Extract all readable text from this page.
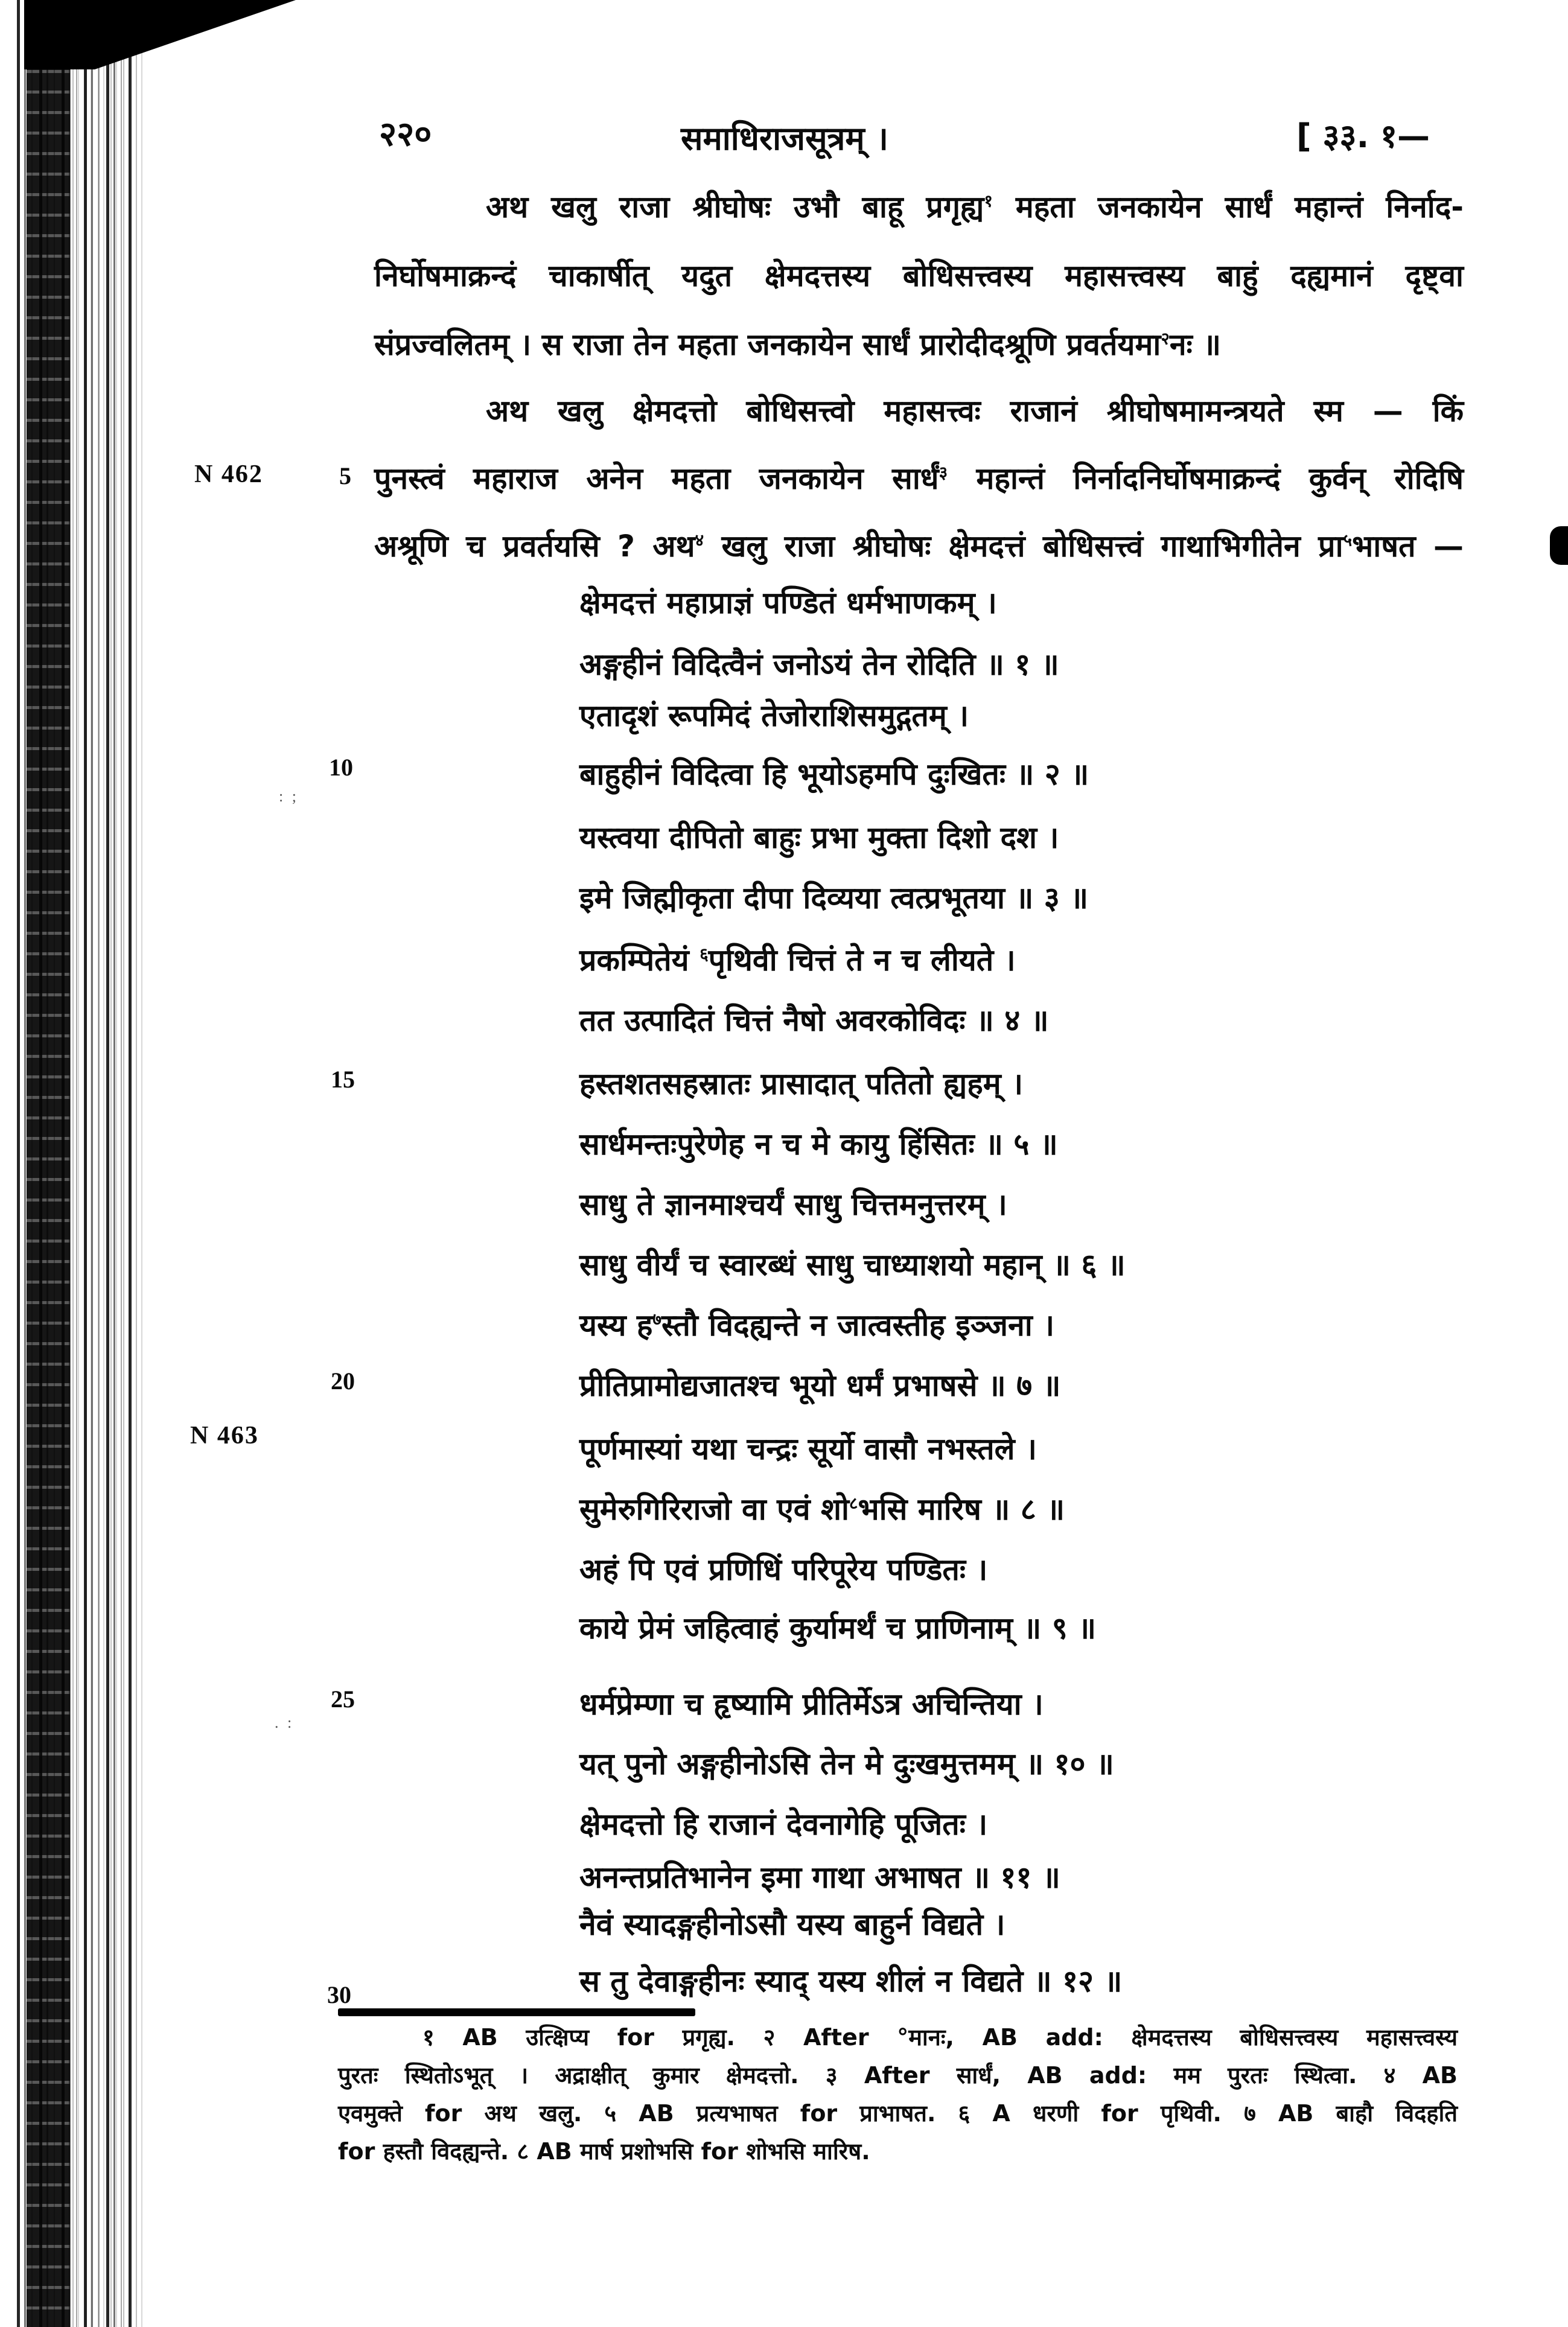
: ;
. :
२२०	समाधिराजसूत्रम् ।	[ ३३. १—
N 462
N 463
5
10
15
20
25
30
अथ खलु राजा श्रीघोषः उभौ बाहू प्रगृह्य$^१$ महता जनकायेन सार्धं महान्तं निर्नाद-
निर्घोषमाक्रन्दं चाकार्षीत् यदुत क्षेमदत्तस्य बोधिसत्त्वस्य महासत्त्वस्य बाहुं दह्यमानं दृष्ट्वा
संप्रज्वलितम् । स राजा तेन महता जनकायेन सार्धं प्रारोदीदश्रूणि प्रवर्तयमा$^२$नः ॥
अथ खलु क्षेमदत्तो बोधिसत्त्वो महासत्त्वः राजानं श्रीघोषमामन्त्रयते स्म — किं
पुनस्त्वं महाराज अनेन महता जनकायेन सार्धं$^३$ महान्तं निर्नादनिर्घोषमाक्रन्दं कुर्वन् रोदिषि
अश्रूणि च प्रवर्तयसि ? अथ$^४$ खलु राजा श्रीघोषः क्षेमदत्तं बोधिसत्त्वं गाथाभिगीतेन प्रा$^५$भाषत —
क्षेमदत्तं महाप्राज्ञं पण्डितं धर्मभाणकम् ।
अङ्गहीनं विदित्वैनं जनोऽयं तेन रोदिति ॥ १ ॥
एतादृशं रूपमिदं तेजोराशिसमुद्गतम् ।
बाहुहीनं विदित्वा हि भूयोऽहमपि दुःखितः ॥ २ ॥
यस्त्वया दीपितो बाहुः प्रभा मुक्ता दिशो दश ।
इमे जिह्मीकृता दीपा दिव्यया त्वत्प्रभूतया ॥ ३ ॥
प्रकम्पितेयं $^६$पृथिवी चित्तं ते न च लीयते ।
तत उत्पादितं चित्तं नैषो अवरकोविदः ॥ ४ ॥
हस्तशतसहस्रातः प्रासादात् पतितो ह्यहम् ।
सार्धमन्तःपुरेणेह न च मे कायु हिंसितः ॥ ५ ॥
साधु ते ज्ञानमाश्चर्यं साधु चित्तमनुत्तरम् ।
साधु वीर्यं च स्वारब्धं साधु चाध्याशयो महान् ॥ ६ ॥
यस्य ह$^७$स्तौ विदह्यन्ते न जात्वस्तीह इञ्जना ।
प्रीतिप्रामोद्यजातश्च भूयो धर्मं प्रभाषसे ॥ ७ ॥
पूर्णमास्यां यथा चन्द्रः सूर्यो वासौ नभस्तले ।
सुमेरुगिरिराजो वा एवं शो$^८$भसि मारिष ॥ ८ ॥
अहं पि एवं प्रणिधिं परिपूरेय पण्डितः ।
काये प्रेमं जहित्वाहं कुर्यामर्थं च प्राणिनाम् ॥ ९ ॥
धर्मप्रेम्णा च हृष्यामि प्रीतिर्मेऽत्र अचिन्तिया ।
यत् पुनो अङ्गहीनोऽसि तेन मे दुःखमुत्तमम् ॥ १० ॥
क्षेमदत्तो हि राजानं देवनागेहि पूजितः ।
अनन्तप्रतिभानेन इमा गाथा अभाषत ॥ ११ ॥
नैवं स्यादङ्गहीनोऽसौ यस्य बाहुर्न विद्यते ।
स तु देवाङ्गहीनः स्याद् यस्य शीलं न विद्यते ॥ १२ ॥
१ AB उत्क्षिप्य for प्रगृह्य. २ After °मानः, AB add: क्षेमदत्तस्य बोधिसत्त्वस्य महासत्त्वस्य
पुरतः स्थितोऽभूत् । अद्राक्षीत् कुमार क्षेमदत्तो. ३ After सार्धं, AB add: मम पुरतः स्थित्वा. ४ AB
एवमुक्ते for अथ खलु. ५ AB प्रत्यभाषत for प्राभाषत. ६ A धरणी for पृथिवी. ७ AB बाहौ विदहति
for हस्तौ विदह्यन्ते. ८ AB मार्ष प्रशोभसि for शोभसि मारिष.
